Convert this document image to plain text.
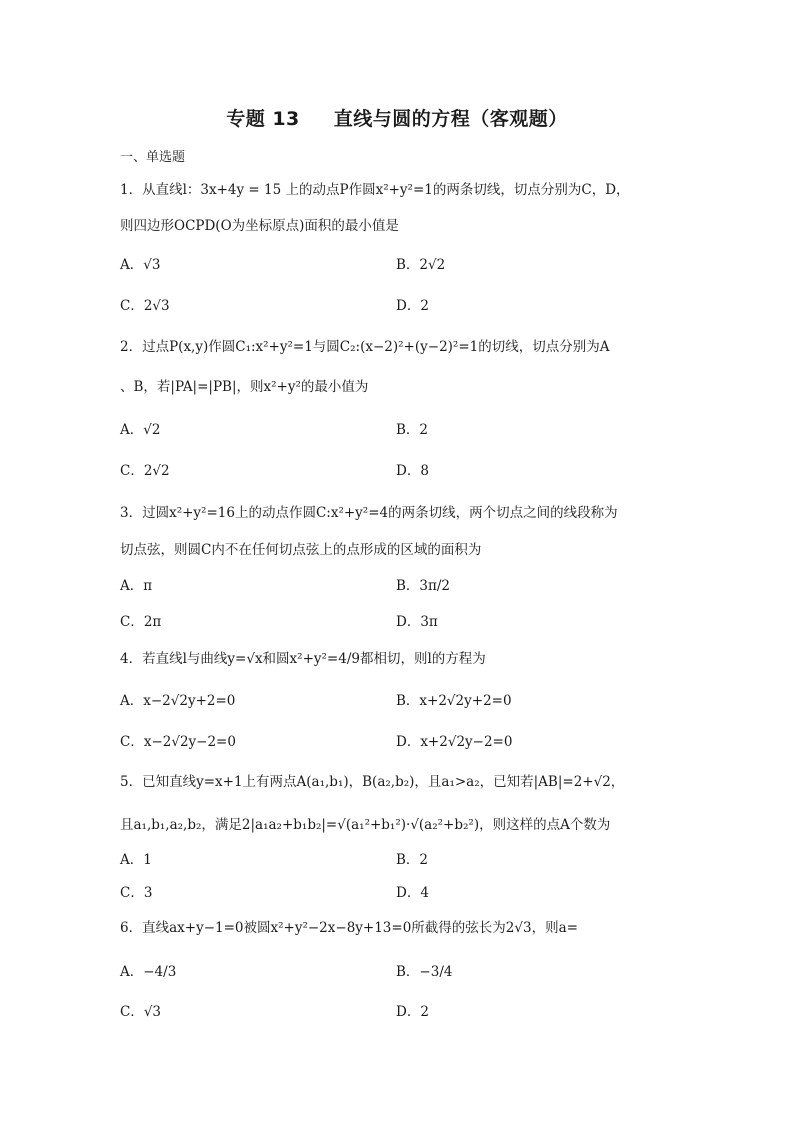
专题 13 直线与圆的方程（客观题）
一、单选题
1．从直线l：3x+4y = 15 上的动点P作圆x²+y²=1的两条切线，切点分别为C，D，
则四边形OCPD(O为坐标原点)面积的最小值是
A．√3	B．2√2
C．2√3	D．2
2．过点P(x,y)作圆C₁:x²+y²=1与圆C₂:(x−2)²+(y−2)²=1的切线，切点分别为A
、B，若|PA|=|PB|，则x²+y²的最小值为
A．√2	B．2
C．2√2	D．8
3．过圆x²+y²=16上的动点作圆C:x²+y²=4的两条切线，两个切点之间的线段称为
切点弦，则圆C内不在任何切点弦上的点形成的区域的面积为
A．π	B．3π/2
C．2π	D．3π
4．若直线l与曲线y=√x和圆x²+y²=4/9都相切，则l的方程为
A．x−2√2y+2=0	B．x+2√2y+2=0
C．x−2√2y−2=0	D．x+2√2y−2=0
5．已知直线y=x+1上有两点A(a₁,b₁)，B(a₂,b₂)，且a₁>a₂，已知若|AB|=2+√2，
且a₁,b₁,a₂,b₂，满足2|a₁a₂+b₁b₂|=√(a₁²+b₁²)·√(a₂²+b₂²)，则这样的点A个数为
A．1	B．2
C．3	D．4
6．直线ax+y−1=0被圆x²+y²−2x−8y+13=0所截得的弦长为2√3，则a=
A．−4/3	B．−3/4
C．√3	D．2
